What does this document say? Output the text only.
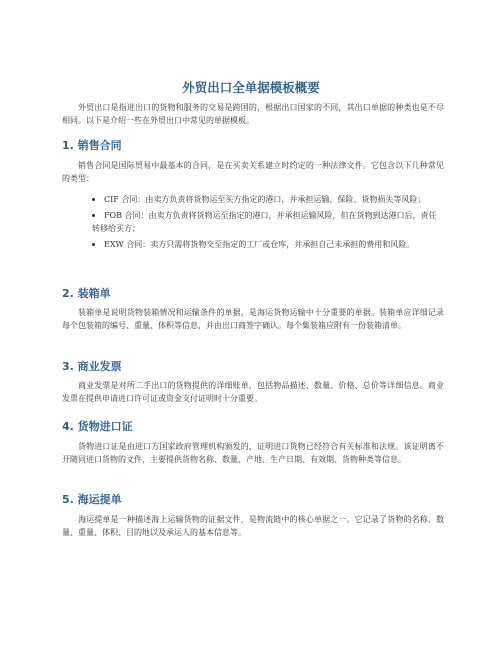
外贸出口全单据模板概要

外贸出口是指进出口的货物和服务的交易是跨国的，根据出口国家的不同，其出口单据的种类也是不尽相同。以下是介绍一些在外贸出口中常见的单据模板。

1. 销售合同

销售合同是国际贸易中最基本的合同，是在买卖关系建立时约定的一种法律文件。它包含以下几种常见的类型：

CIF 合同：由卖方负责将货物运至买方指定的港口，并承担运输、保险、货物损失等风险；
FOB 合同：由卖方负责将货物运至指定的港口，并承担运输风险，但在货物到达港口后，责任转移给买方；
EXW 合同：卖方只需将货物交至指定的工厂或仓库，并承担自己未承担的费用和风险。
2. 装箱单

装箱单是说明货物装箱情况和运输条件的单据，是海运货物运输中十分重要的单据。装箱单应详细记录每个包装箱的编号、重量、体积等信息，并由出口商签字确认。每个集装箱应附有一份装箱清单。

3. 商业发票

商业发票是对所二手出口的货物提供的详细账单，包括物品描述、数量、价格、总价等详细信息。商业发票在提供申请进口许可证或资金支付证明时十分重要。

4. 货物进口证

货物进口证是由进口方国家政府管理机构颁发的，证明进口货物已经符合有关标准和法规。该证明离不开随同进口货物的文件，主要提供货物名称、数量、产地、生产日期、有效期、货物种类等信息。

5. 海运提单

海运提单是一种描述海上运输货物的证据文件，是物流链中的核心单据之一。它记录了货物的名称、数量、重量、体积、目的地以及承运人的基本信息等。
